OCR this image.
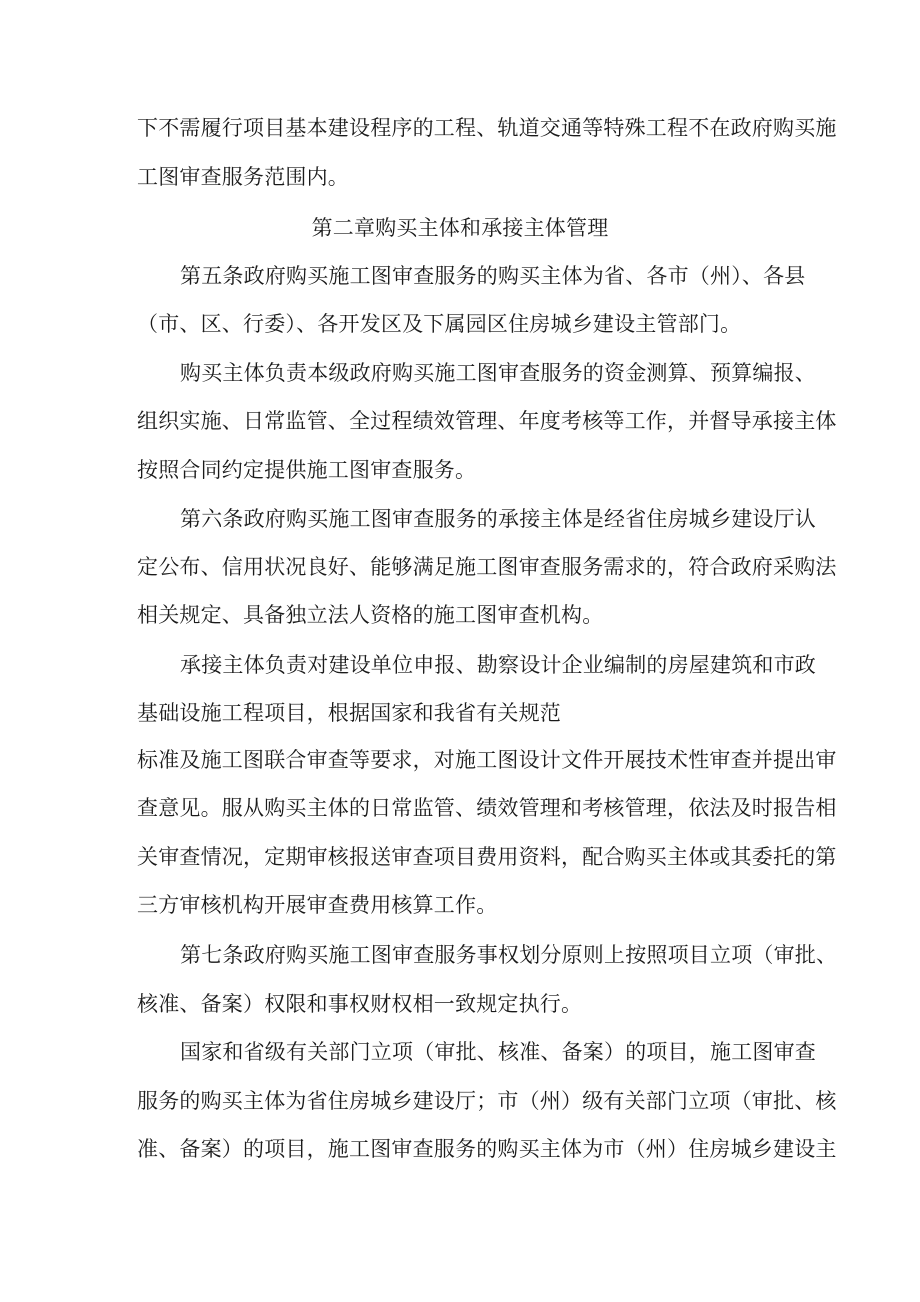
下不需履行项目基本建设程序的工程、轨道交通等特殊工程不在政府购买施
工图审查服务范围内。
第二章购买主体和承接主体管理
第五条政府购买施工图审查服务的购买主体为省、各市（州）、各县
（市、区、行委）、各开发区及下属园区住房城乡建设主管部门。
购买主体负责本级政府购买施工图审查服务的资金测算、预算编报、
组织实施、日常监管、全过程绩效管理、年度考核等工作，并督导承接主体
按照合同约定提供施工图审查服务。
第六条政府购买施工图审查服务的承接主体是经省住房城乡建设厅认
定公布、信用状况良好、能够满足施工图审查服务需求的，符合政府采购法
相关规定、具备独立法人资格的施工图审查机构。
承接主体负责对建设单位申报、勘察设计企业编制的房屋建筑和市政
基础设施工程项目，根据国家和我省有关规范
标准及施工图联合审查等要求，对施工图设计文件开展技术性审查并提出审
查意见。服从购买主体的日常监管、绩效管理和考核管理，依法及时报告相
关审查情况，定期审核报送审查项目费用资料，配合购买主体或其委托的第
三方审核机构开展审查费用核算工作。
第七条政府购买施工图审查服务事权划分原则上按照项目立项（审批、
核准、备案）权限和事权财权相一致规定执行。
国家和省级有关部门立项（审批、核准、备案）的项目，施工图审查
服务的购买主体为省住房城乡建设厅；市（州）级有关部门立项（审批、核
准、备案）的项目，施工图审查服务的购买主体为市（州）住房城乡建设主
